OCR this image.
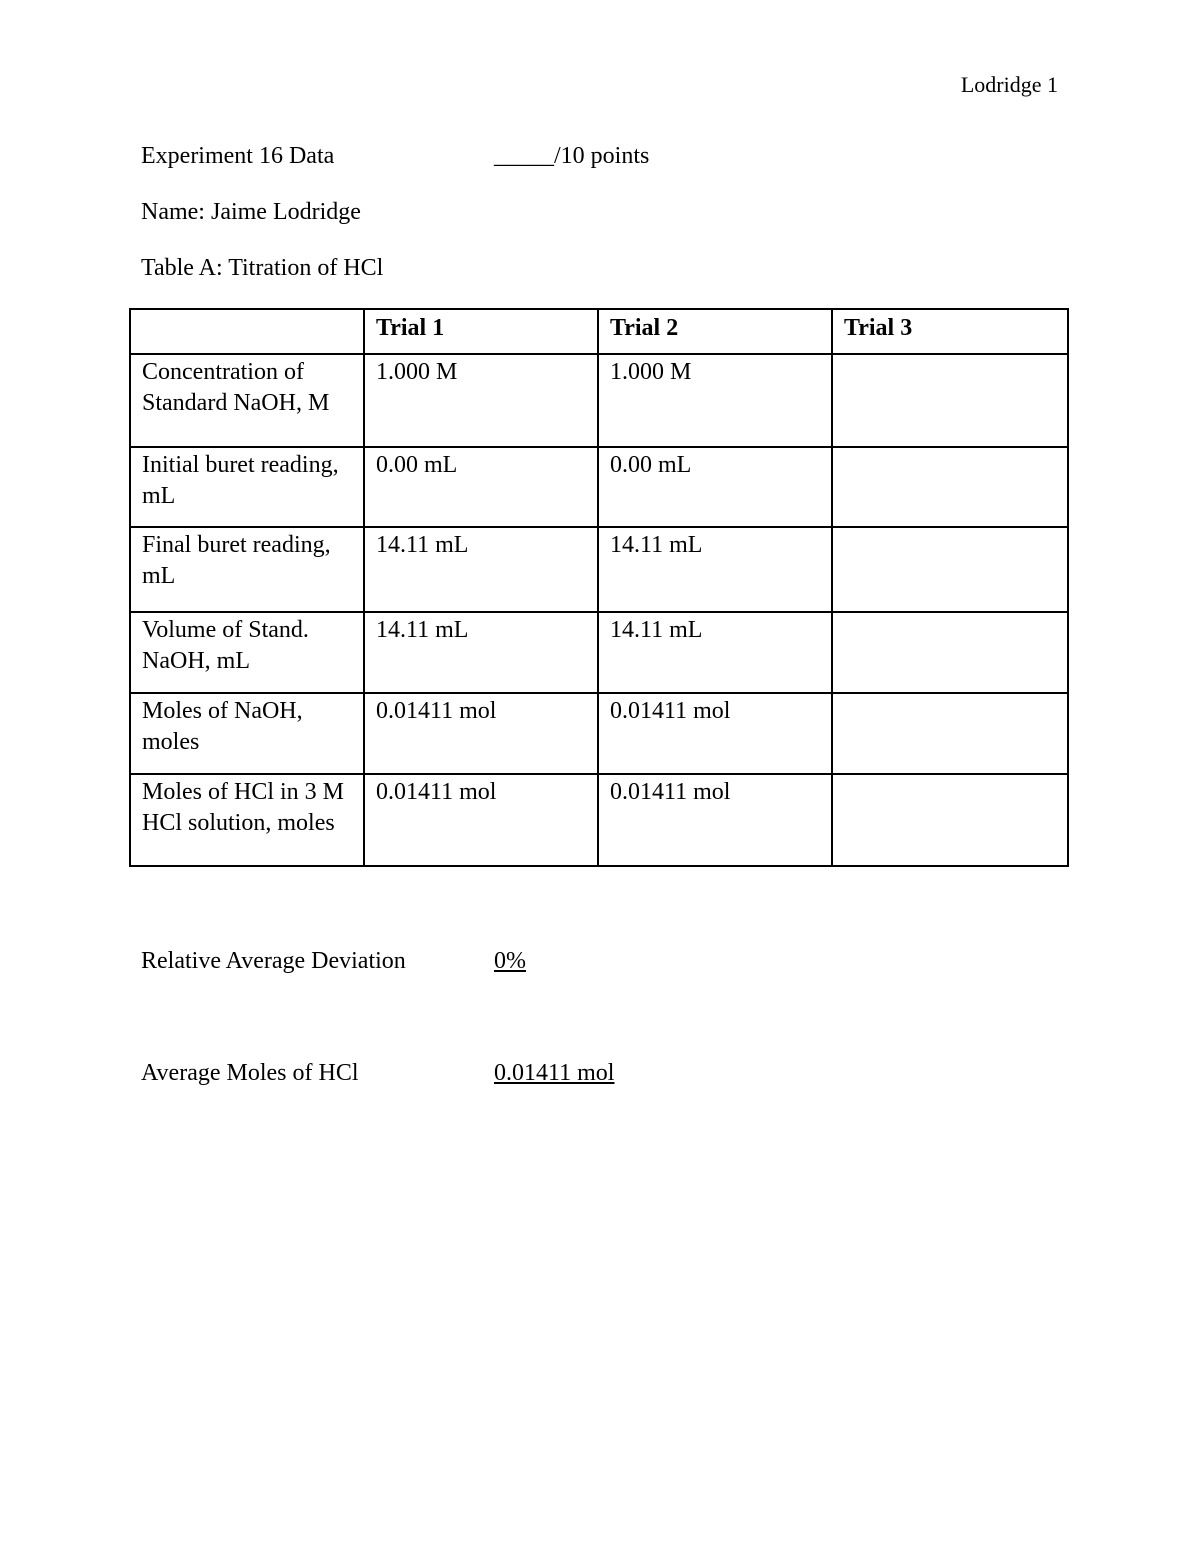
Lodridge 1
Experiment 16 Data	_____/10 points
Name: Jaime Lodridge
Table A: Titration of HCl
	Trial 1	Trial 2	Trial 3
Concentration of Standard NaOH, M	1.000 M	1.000 M	
Initial buret reading, mL	0.00 mL	0.00 mL	
Final buret reading, mL	14.11 mL	14.11 mL	
Volume of Stand. NaOH, mL	14.11 mL	14.11 mL	
Moles of NaOH, moles	0.01411 mol	0.01411 mol	
Moles of HCl in 3 M HCl solution, moles	0.01411 mol	0.01411 mol	
Relative Average Deviation	0%
Average Moles of HCl	0.01411 mol
